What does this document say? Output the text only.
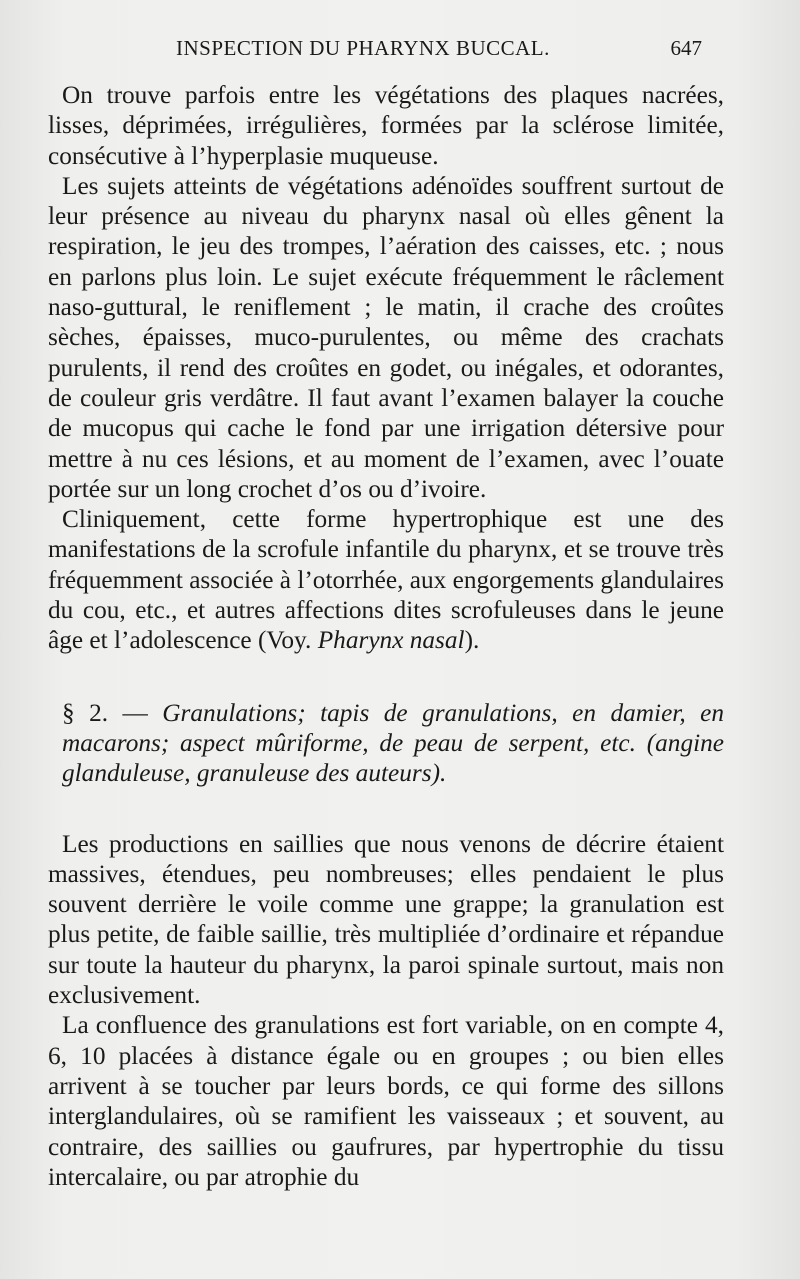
INSPECTION DU PHARYNX BUCCAL.	647

On trouve parfois entre les végétations des plaques nacrées, lisses, déprimées, irrégulières, formées par la sclérose limitée, consécutive à l’hyperplasie muqueuse.

Les sujets atteints de végétations adénoïdes souffrent surtout de leur présence au niveau du pharynx nasal où elles gênent la respiration, le jeu des trompes, l’aération des caisses, etc. ; nous en parlons plus loin. Le sujet exécute fréquemment le râclement naso-guttural, le reniflement ; le matin, il crache des croûtes sèches, épaisses, muco-purulentes, ou même des crachats purulents, il rend des croûtes en godet, ou inégales, et odorantes, de couleur gris verdâtre. Il faut avant l’examen balayer la couche de mucopus qui cache le fond par une irrigation détersive pour mettre à nu ces lésions, et au moment de l’examen, avec l’ouate portée sur un long crochet d’os ou d’ivoire.

Cliniquement, cette forme hypertrophique est une des manifestations de la scrofule infantile du pharynx, et se trouve très fréquemment associée à l’otorrhée, aux engorgements glandulaires du cou, etc., et autres affections dites scrofuleuses dans le jeune âge et l’adolescence (Voy. Pharynx nasal).

§ 2. — Granulations; tapis de granulations, en damier, en macarons; aspect mûriforme, de peau de serpent, etc. (angine glanduleuse, granuleuse des auteurs).

Les productions en saillies que nous venons de décrire étaient massives, étendues, peu nombreuses; elles pendaient le plus souvent derrière le voile comme une grappe; la granulation est plus petite, de faible saillie, très multipliée d’ordinaire et répandue sur toute la hauteur du pharynx, la paroi spinale surtout, mais non exclusivement.

La confluence des granulations est fort variable, on en compte 4, 6, 10 placées à distance égale ou en groupes ; ou bien elles arrivent à se toucher par leurs bords, ce qui forme des sillons interglandulaires, où se ramifient les vaisseaux ; et souvent, au contraire, des saillies ou gaufrures, par hypertrophie du tissu intercalaire, ou par atrophie du
